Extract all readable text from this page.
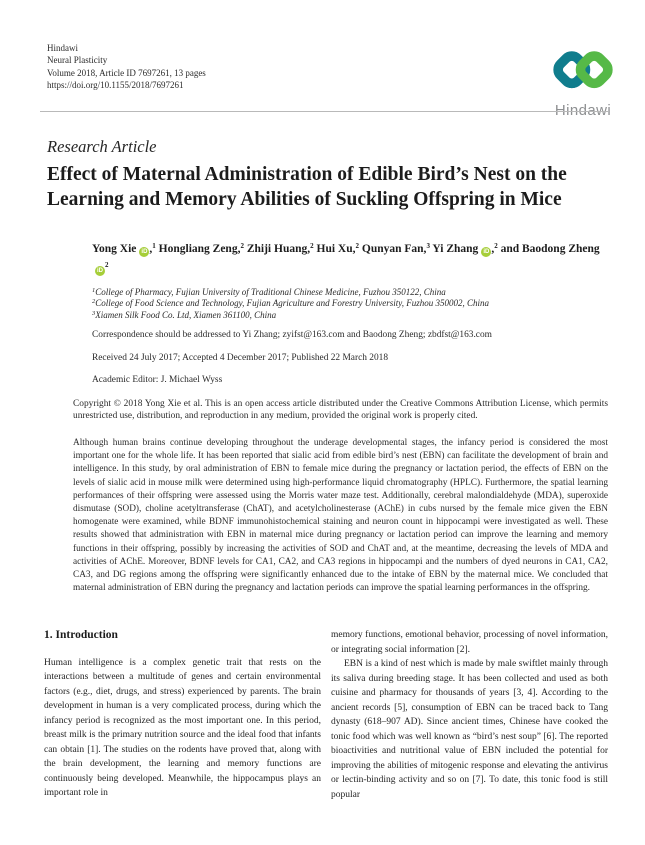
Hindawi
Neural Plasticity
Volume 2018, Article ID 7697261, 13 pages
https://doi.org/10.1155/2018/7697261
Hindawi
Research Article
Effect of Maternal Administration of Edible Bird’s Nest on the Learning and Memory Abilities of Suckling Offspring in Mice
Yong Xie iD ,$^1$ Hongliang Zeng,$^2$ Zhiji Huang,$^2$ Hui Xu,$^2$ Qunyan Fan,$^3$ Yi Zhang iD ,$^2$ and Baodong ZhengiD$^2$
$^1$College of Pharmacy, Fujian University of Traditional Chinese Medicine, Fuzhou 350122, China
$^2$College of Food Science and Technology, Fujian Agriculture and Forestry University, Fuzhou 350002, China
$^3$Xiamen Silk Food Co. Ltd, Xiamen 361100, China
Correspondence should be addressed to Yi Zhang; zyifst@163.com and Baodong Zheng; zbdfst@163.com
Received 24 July 2017; Accepted 4 December 2017; Published 22 March 2018
Academic Editor: J. Michael Wyss
Copyright © 2018 Yong Xie et al. This is an open access article distributed under the Creative Commons Attribution License, which permits unrestricted use, distribution, and reproduction in any medium, provided the original work is properly cited.
Although human brains continue developing throughout the underage developmental stages, the infancy period is considered the most important one for the whole life. It has been reported that sialic acid from edible bird’s nest (EBN) can facilitate the development of brain and intelligence. In this study, by oral administration of EBN to female mice during the pregnancy or lactation period, the effects of EBN on the levels of sialic acid in mouse milk were determined using high-performance liquid chromatography (HPLC). Furthermore, the spatial learning performances of their offspring were assessed using the Morris water maze test. Additionally, cerebral malondialdehyde (MDA), superoxide dismutase (SOD), choline acetyltransferase (ChAT), and acetylcholinesterase (AChE) in cubs nursed by the female mice given the EBN homogenate were examined, while BDNF immunohistochemical staining and neuron count in hippocampi were investigated as well. These results showed that administration with EBN in maternal mice during pregnancy or lactation period can improve the learning and memory functions in their offspring, possibly by increasing the activities of SOD and ChAT and, at the meantime, decreasing the levels of MDA and activities of AChE. Moreover, BDNF levels for CA1, CA2, and CA3 regions in hippocampi and the numbers of dyed neurons in CA1, CA2, CA3, and DG regions among the offspring were significantly enhanced due to the intake of EBN by the maternal mice. We concluded that maternal administration of EBN during the pregnancy and lactation periods can improve the spatial learning performances in the offspring.
1. Introduction

Human intelligence is a complex genetic trait that rests on the interactions between a multitude of genes and certain environmental factors (e.g., diet, drugs, and stress) experienced by parents. The brain development in human is a very complicated process, during which the infancy period is recognized as the most important one. In this period, breast milk is the primary nutrition source and the ideal food that infants can obtain [1]. The studies on the rodents have proved that, along with the brain development, the learning and memory functions are continuously being developed. Meanwhile, the hippocampus plays an important role in

memory functions, emotional behavior, processing of novel information, or integrating social information [2].

EBN is a kind of nest which is made by male swiftlet mainly through its saliva during breeding stage. It has been collected and used as both cuisine and pharmacy for thousands of years [3, 4]. According to the ancient records [5], consumption of EBN can be traced back to Tang dynasty (618–907 AD). Since ancient times, Chinese have cooked the tonic food which was well known as “bird’s nest soup” [6]. The reported bioactivities and nutritional value of EBN included the potential for improving the abilities of mitogenic response and elevating the antivirus or lectin-binding activity and so on [7]. To date, this tonic food is still popular
